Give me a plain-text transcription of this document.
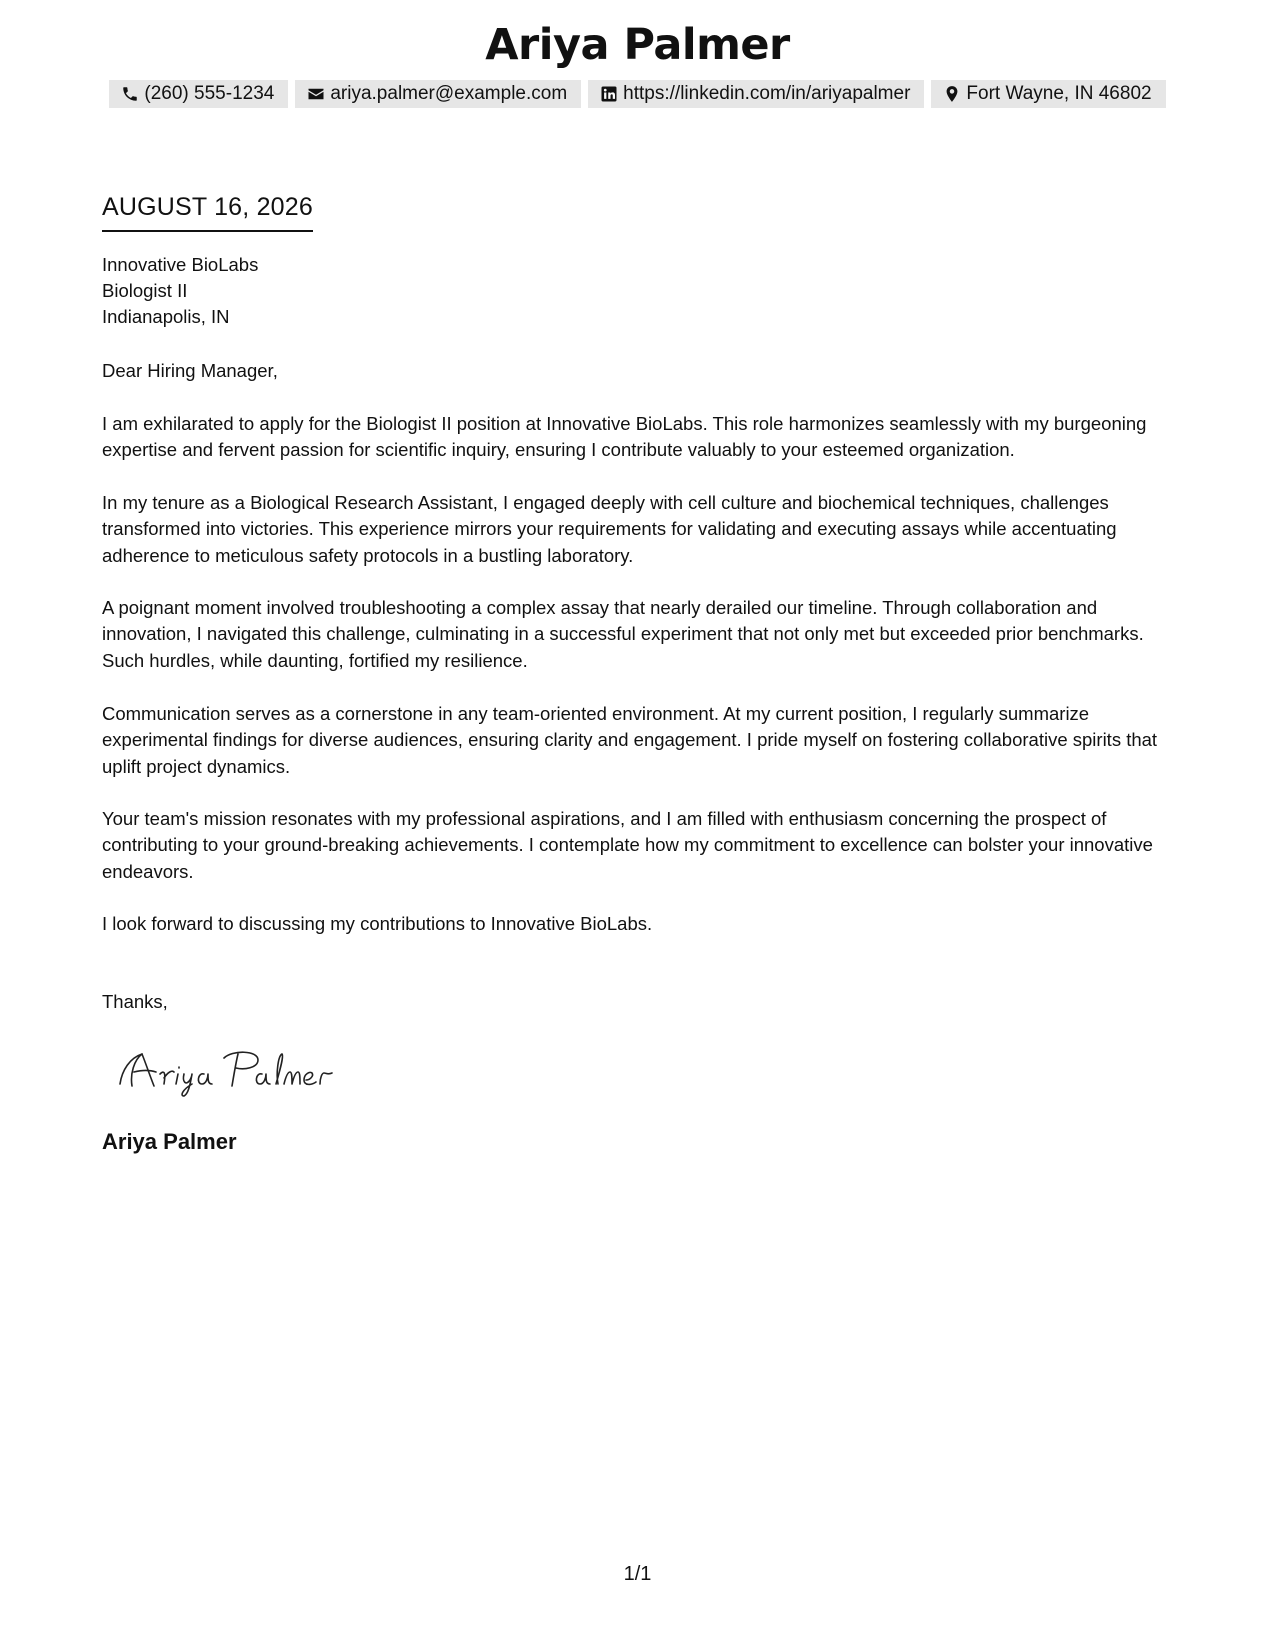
Ariya Palmer
(260) 555-1234	ariya.palmer@example.com	https://linkedin.com/in/ariyapalmer	Fort Wayne, IN 46802
AUGUST 16, 2026
Innovative BioLabs
Biologist II
Indianapolis, IN

Dear Hiring Manager,

I am exhilarated to apply for the Biologist II position at Innovative BioLabs. This role harmonizes seamlessly with my burgeoning expertise and fervent passion for scientific inquiry, ensuring I contribute valuably to your esteemed organization.

In my tenure as a Biological Research Assistant, I engaged deeply with cell culture and biochemical techniques, challenges transformed into victories. This experience mirrors your requirements for validating and executing assays while accentuating adherence to meticulous safety protocols in a bustling laboratory.

A poignant moment involved troubleshooting a complex assay that nearly derailed our timeline. Through collaboration and innovation, I navigated this challenge, culminating in a successful experiment that not only met but exceeded prior benchmarks. Such hurdles, while daunting, fortified my resilience.

Communication serves as a cornerstone in any team-oriented environment. At my current position, I regularly summarize experimental findings for diverse audiences, ensuring clarity and engagement. I pride myself on fostering collaborative spirits that uplift project dynamics.

Your team's mission resonates with my professional aspirations, and I am filled with enthusiasm concerning the prospect of contributing to your ground-breaking achievements. I contemplate how my commitment to excellence can bolster your innovative endeavors.

I look forward to discussing my contributions to Innovative BioLabs.

Thanks,

Ariya Palmer
1/1
